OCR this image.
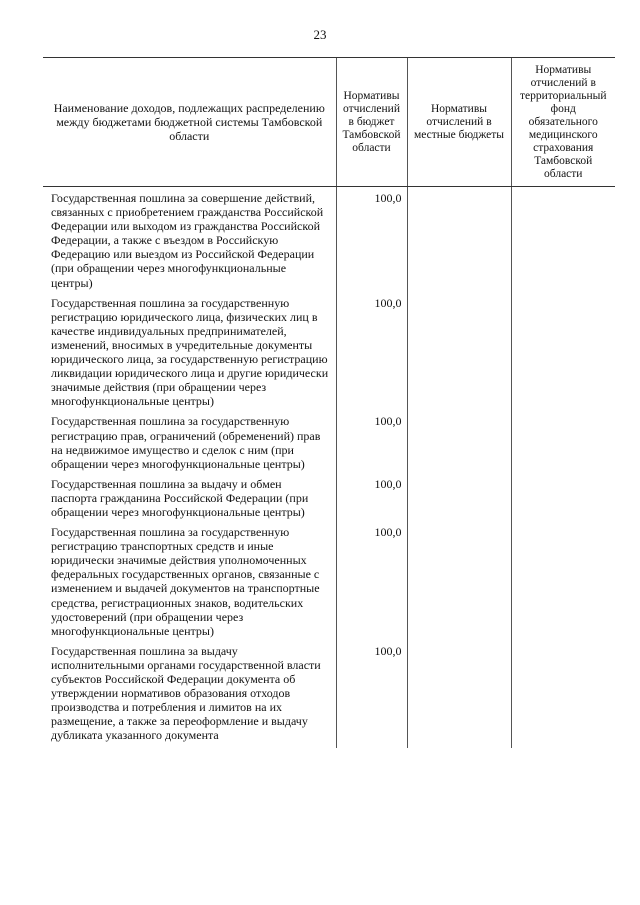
23
Наименование доходов, подлежащих распределению между бюджетами бюджетной системы Тамбовской области	Нормативы отчислений в бюджет Тамбовской области	Нормативы отчислений в местные бюджеты	Нормативы отчислений в территориальный фонд обязательного медицинского страхования Тамбовской области
Государственная пошлина за совершение действий, связанных с приобретением гражданства Российской Федерации или выходом из гражданства Российской Федерации, а также с въездом в Российскую Федерацию или выездом из Российской Федерации (при обращении через многофункциональные центры)	100,0		
Государственная пошлина за государственную регистрацию юридического лица, физических лиц в качестве индивидуальных предпринимателей, изменений, вносимых в учредительные документы юридического лица, за государственную регистрацию ликвидации юридического лица и другие юридически значимые действия (при обращении через многофункциональные центры)	100,0		
Государственная пошлина за государственную регистрацию прав, ограничений (обременений) прав на недвижимое имущество и сделок с ним (при обращении через многофункциональные центры)	100,0		
Государственная пошлина за выдачу и обмен паспорта гражданина Российской Федерации (при обращении через многофункциональные центры)	100,0		
Государственная пошлина за государственную регистрацию транспортных средств и иные юридически значимые действия уполномоченных федеральных государственных органов, связанные с изменением и выдачей документов на транспортные средства, регистрационных знаков, водительских удостоверений (при обращении через многофункциональные центры)	100,0		
Государственная пошлина за выдачу исполнительными органами государственной власти субъектов Российской Федерации документа об утверждении нормативов образования отходов производства и потребления и лимитов на их размещение, а также за переоформление и выдачу дубликата указанного документа	100,0		
